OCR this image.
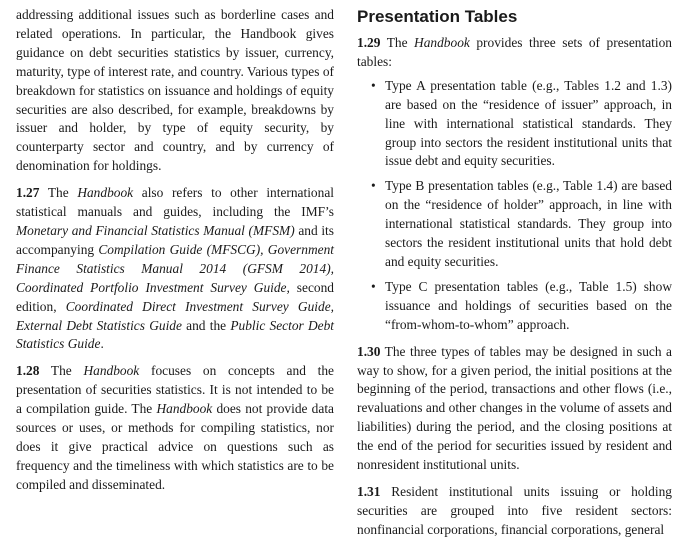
addressing additional issues such as borderline cases and related operations. In particular, the Handbook gives guidance on debt securities statistics by issuer, currency, maturity, type of interest rate, and country. Various types of breakdown for statistics on issuance and holdings of equity securities are also described, for example, breakdowns by issuer and holder, by type of equity security, by counterparty sector and country, and by currency of denomination for holdings.

1.27 The Handbook also refers to other international statistical manuals and guides, including the IMF’s Monetary and Financial Statistics Manual (MFSM) and its accompanying Compilation Guide (MFSCG), Government Finance Statistics Manual 2014 (GFSM 2014), Coordinated Portfolio Investment Survey Guide, second edition, Coordinated Direct Investment Survey Guide, External Debt Statistics Guide and the Public Sector Debt Statistics Guide.

1.28 The Handbook focuses on concepts and the presentation of securities statistics. It is not intended to be a compilation guide. The Handbook does not provide data sources or uses, or methods for compiling statistics, nor does it give practical advice on questions such as frequency and the timeliness with which statistics are to be compiled and disseminated.

Presentation Tables

1.29 The Handbook provides three sets of presentation tables:

• Type A presentation table (e.g., Tables 1.2 and 1.3) are based on the “residence of issuer” approach, in line with international statistical standards. They group into sectors the resident institutional units that issue debt and equity securities.

• Type B presentation tables (e.g., Table 1.4) are based on the “residence of holder” approach, in line with international statistical standards. They group into sectors the resident institutional units that hold debt and equity securities.

• Type C presentation tables (e.g., Table 1.5) show issuance and holdings of securities based on the “from-whom-to-whom” approach.

1.30 The three types of tables may be designed in such a way to show, for a given period, the initial positions at the beginning of the period, transactions and other flows (i.e., revaluations and other changes in the volume of assets and liabilities) during the period, and the closing positions at the end of the period for securities issued by resident and nonresident institutional units.

1.31 Resident institutional units issuing or holding securities are grouped into five resident sectors: nonfinancial corporations, financial corporations, general
